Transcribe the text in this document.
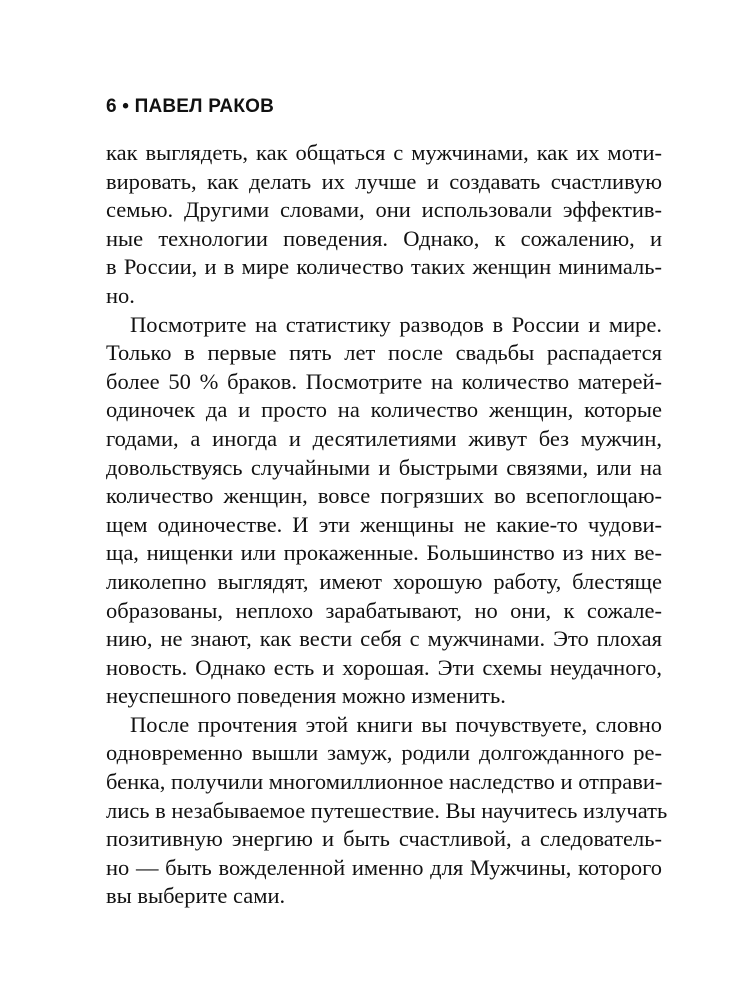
6 • ПАВЕЛ РАКОВ
как выглядеть, как общаться с мужчинами, как их моти-
вировать, как делать их лучше и создавать счастливую
семью. Другими словами, они использовали эффектив-
ные технологии поведения. Однако, к сожалению, и
в России, и в мире количество таких женщин минималь-
но.
Посмотрите на статистику разводов в России и мире.
Только в первые пять лет после свадьбы распадается
более 50 % браков. Посмотрите на количество матерей-
одиночек да и просто на количество женщин, которые
годами, а иногда и десятилетиями живут без мужчин,
довольствуясь случайными и быстрыми связями, или на
количество женщин, вовсе погрязших во всепоглощаю-
щем одиночестве. И эти женщины не какие-то чудови-
ща, нищенки или прокаженные. Большинство из них ве-
ликолепно выглядят, имеют хорошую работу, блестяще
образованы, неплохо зарабатывают, но они, к сожале-
нию, не знают, как вести себя с мужчинами. Это плохая
новость. Однако есть и хорошая. Эти схемы неудачного,
неуспешного поведения можно изменить.
После прочтения этой книги вы почувствуете, словно
одновременно вышли замуж, родили долгожданного ре-
бенка, получили многомиллионное наследство и отправи-
лись в незабываемое путешествие. Вы научитесь излучать
позитивную энергию и быть счастливой, а следователь-
но — быть вожделенной именно для Мужчины, которого
вы выберите сами.
